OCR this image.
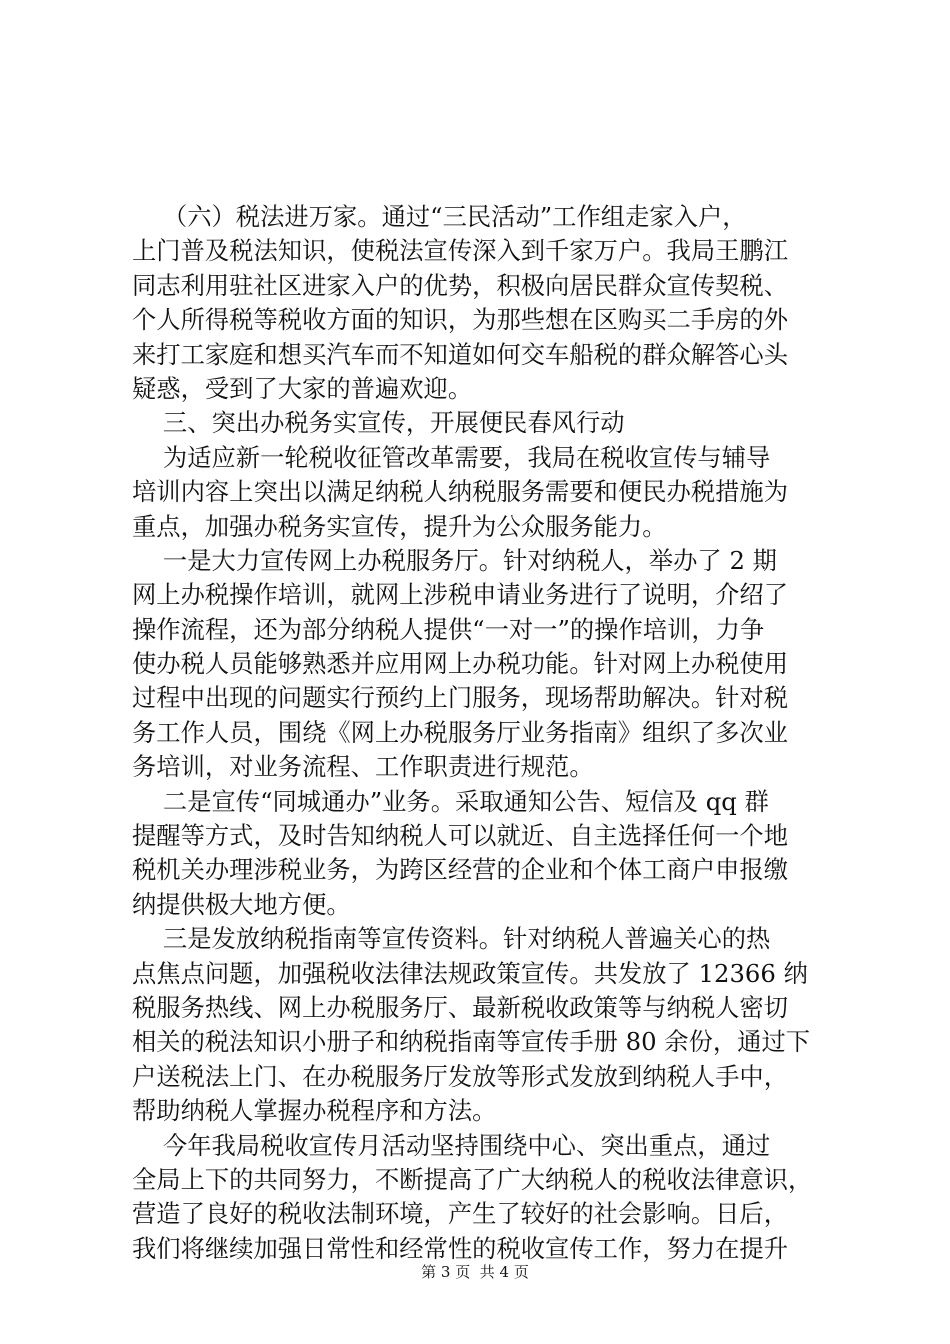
（六）税法进万家。通过“三民活动”工作组走家入户，
上门普及税法知识，使税法宣传深入到千家万户。我局王鹏江
同志利用驻社区进家入户的优势，积极向居民群众宣传契税、
个人所得税等税收方面的知识，为那些想在区购买二手房的外
来打工家庭和想买汽车而不知道如何交车船税的群众解答心头
疑惑，受到了大家的普遍欢迎。
三、突出办税务实宣传，开展便民春风行动
为适应新一轮税收征管改革需要，我局在税收宣传与辅导
培训内容上突出以满足纳税人纳税服务需要和便民办税措施为
重点，加强办税务实宣传，提升为公众服务能力。
一是大力宣传网上办税服务厅。针对纳税人，举办了 2 期
网上办税操作培训，就网上涉税申请业务进行了说明，介绍了
操作流程，还为部分纳税人提供“一对一”的操作培训，力争
使办税人员能够熟悉并应用网上办税功能。针对网上办税使用
过程中出现的问题实行预约上门服务，现场帮助解决。针对税
务工作人员，围绕《网上办税服务厅业务指南》组织了多次业
务培训，对业务流程、工作职责进行规范。
二是宣传“同城通办”业务。采取通知公告、短信及 qq 群
提醒等方式，及时告知纳税人可以就近、自主选择任何一个地
税机关办理涉税业务，为跨区经营的企业和个体工商户申报缴
纳提供极大地方便。
三是发放纳税指南等宣传资料。针对纳税人普遍关心的热
点焦点问题，加强税收法律法规政策宣传。共发放了 12366 纳
税服务热线、网上办税服务厅、最新税收政策等与纳税人密切
相关的税法知识小册子和纳税指南等宣传手册 80 余份，通过下
户送税法上门、在办税服务厅发放等形式发放到纳税人手中，
帮助纳税人掌握办税程序和方法。
今年我局税收宣传月活动坚持围绕中心、突出重点，通过
全局上下的共同努力，不断提高了广大纳税人的税收法律意识，
营造了良好的税收法制环境，产生了较好的社会影响。日后，
我们将继续加强日常性和经常性的税收宣传工作，努力在提升
第 3 页  共 4 页
